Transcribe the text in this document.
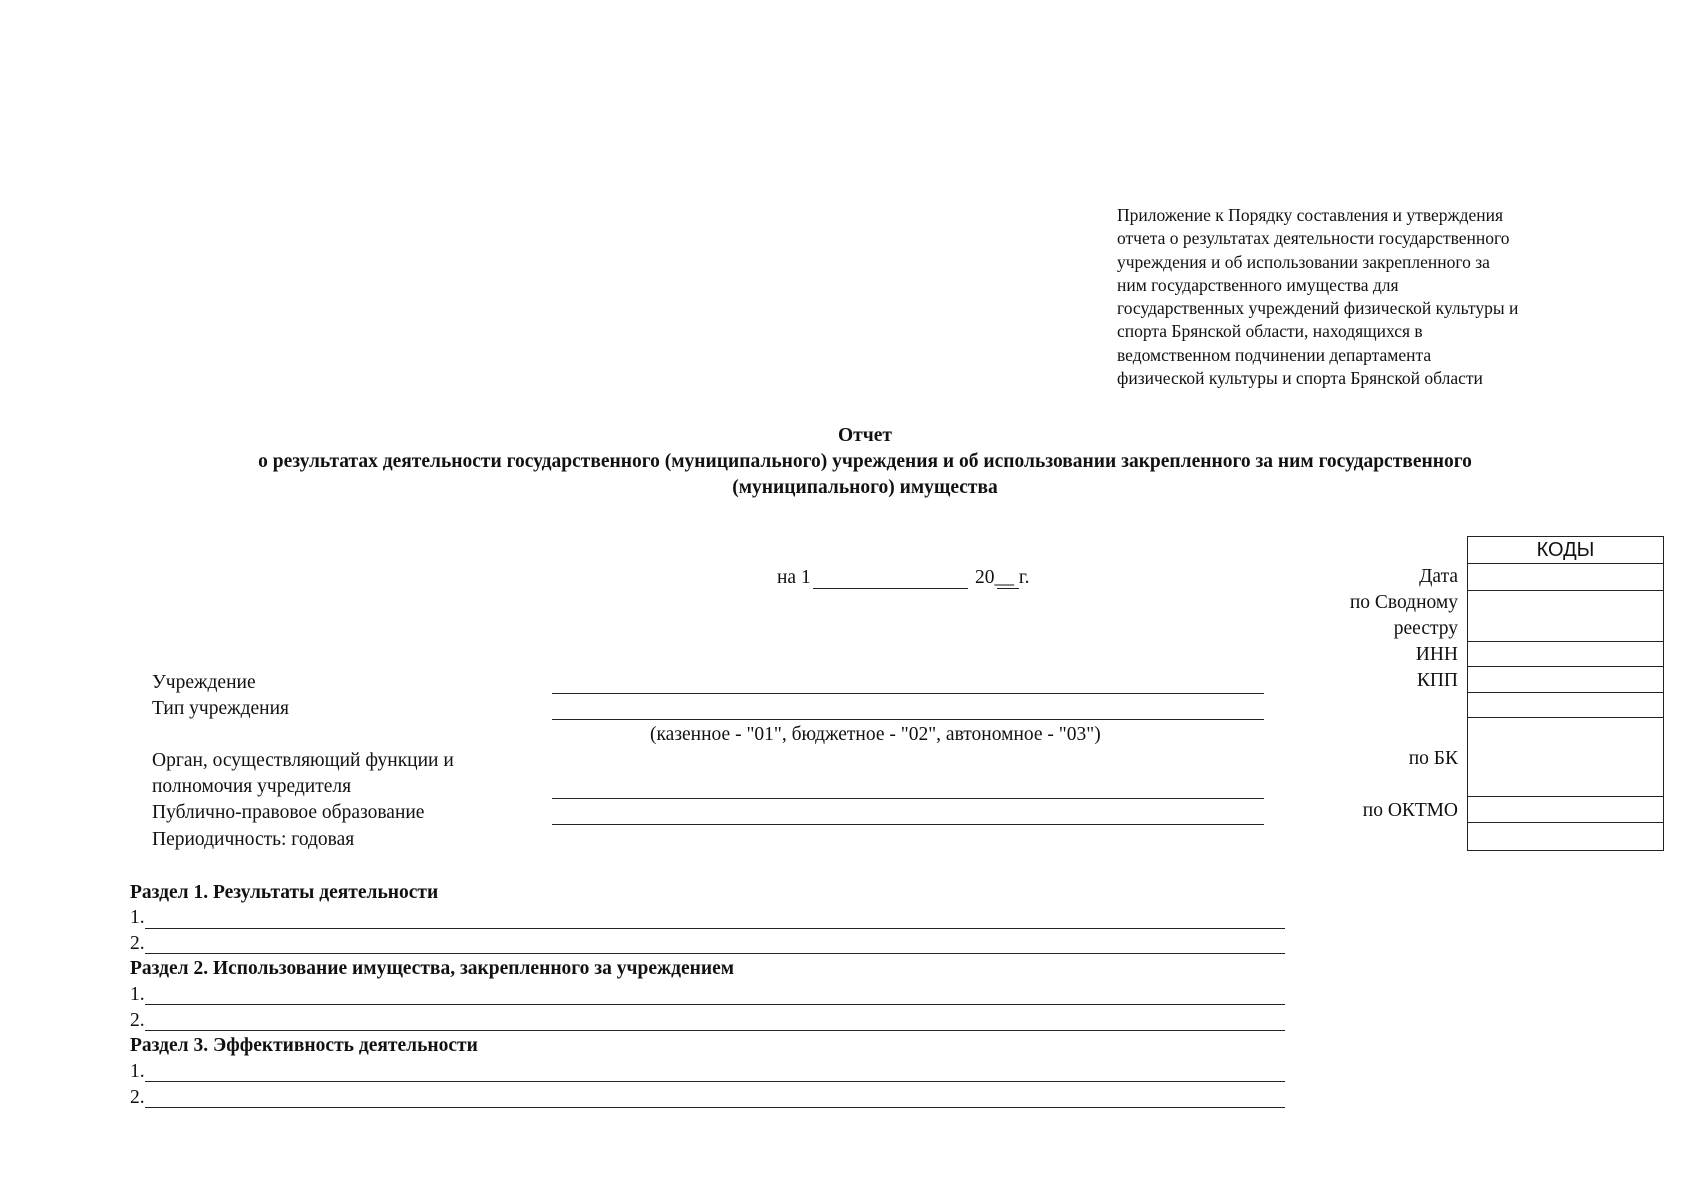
Приложение к Порядку составления и утверждения
отчета о результатах деятельности государственного
учреждения и об использовании закрепленного за
ним государственного имущества для
государственных учреждений физической культуры и
спорта Брянской области, находящихся в
ведомственном подчинении департамента
физической культуры и спорта Брянской области
Отчет
о результатах деятельности государственного (муниципального) учреждения и об использовании закрепленного за ним государственного
(муниципального) имущества
на 1	20__ г.
КОДЫ
Дата
по Сводному
реестру
ИНН
КПП
по БК
по ОКТМО
Учреждение
Тип учреждения
(казенное - "01", бюджетное - "02", автономное - "03")
Орган, осуществляющий функции и
полномочия учредителя
Публично-правовое образование
Периодичность: годовая
Раздел 1. Результаты деятельности
1.
2.
Раздел 2. Использование имущества, закрепленного за учреждением
1.
2.
Раздел 3. Эффективность деятельности
1.
2.
